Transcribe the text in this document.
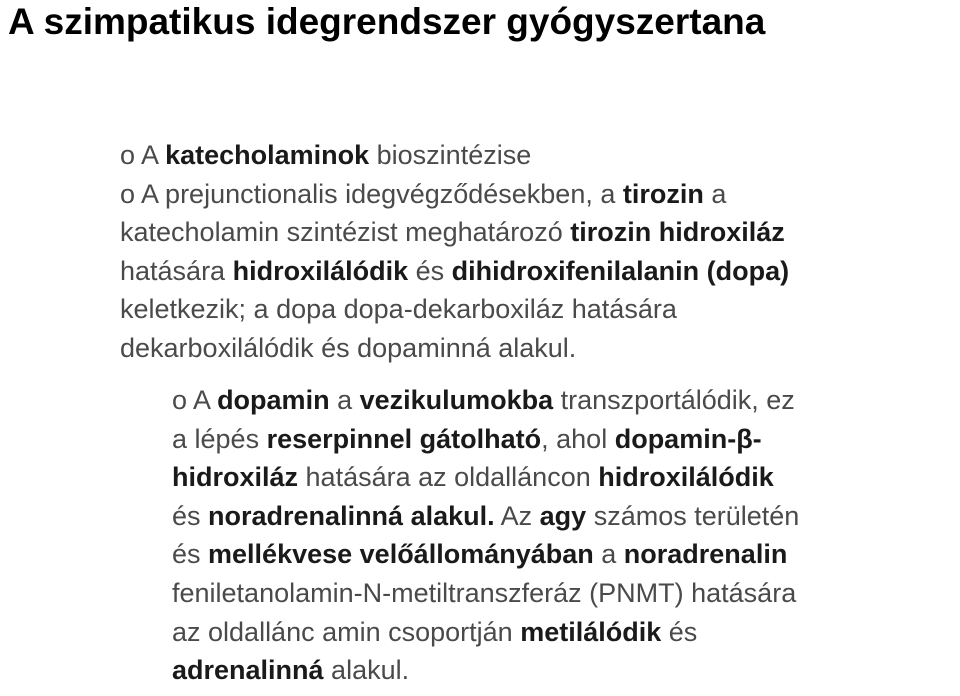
A szimpatikus idegrendszer gyógyszertana
o A katecholaminok bioszintézise
o A prejunctionalis idegvégződésekben, a tirozin a
katecholamin szintézist meghatározó tirozin hidroxiláz
hatására hidroxilálódik és dihidroxifenilalanin (dopa)
keletkezik; a dopa dopa-dekarboxiláz hatására
dekarboxilálódik és dopaminná alakul.
o A dopamin a vezikulumokba transzportálódik, ez
a lépés reserpinnel gátolható, ahol dopamin-β-
hidroxiláz hatására az oldalláncon hidroxilálódik
és noradrenalinná alakul. Az agy számos területén
és mellékvese velőállományában a noradrenalin
feniletanolamin-N-metiltranszferáz (PNMT) hatására
az oldallánc amin csoportján metilálódik és
adrenalinná alakul.
